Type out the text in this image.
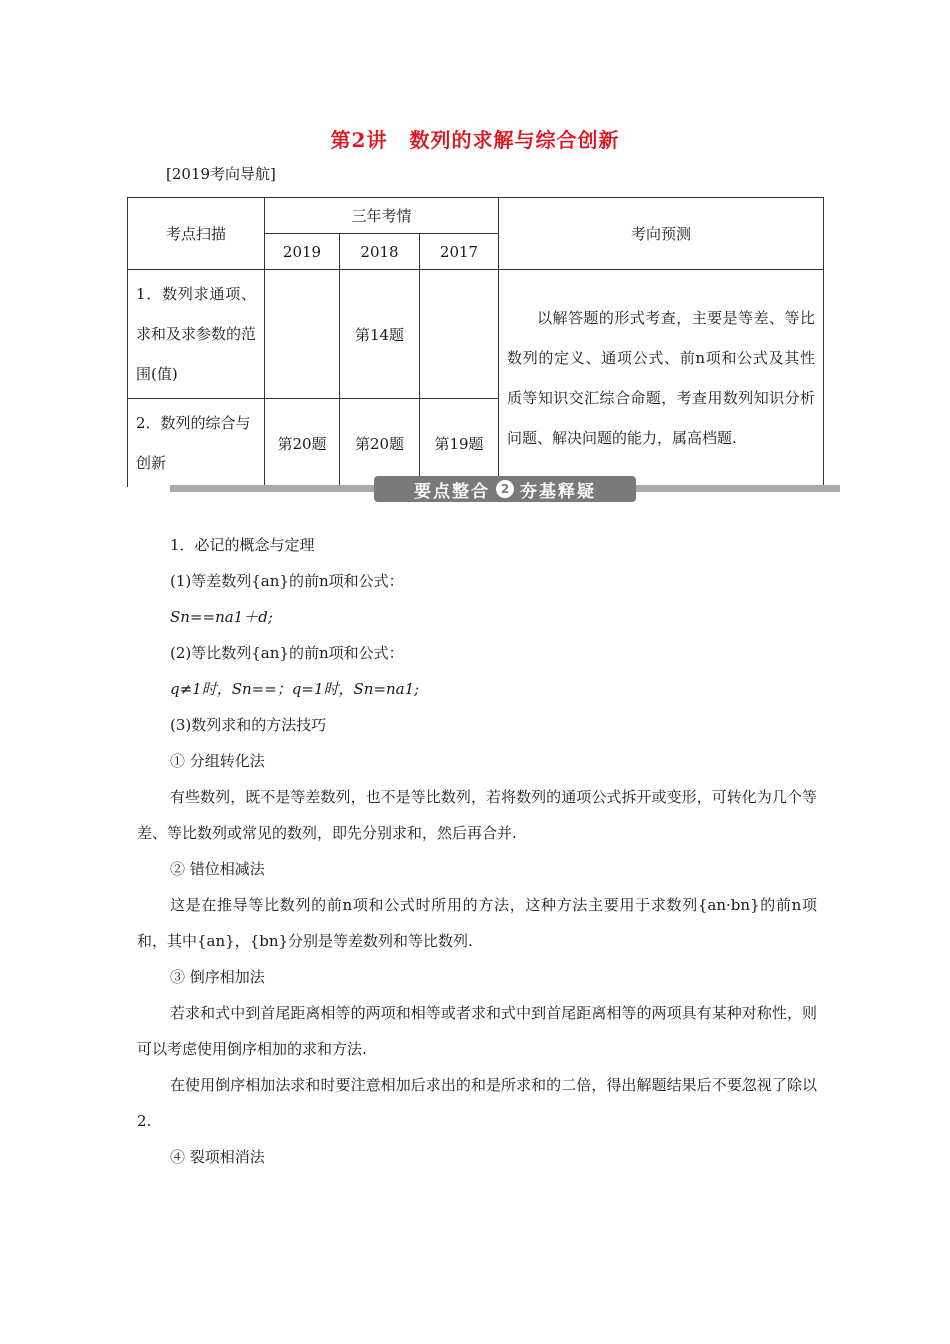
第2讲 数列的求解与综合创新
[2019考向导航]
考点扫描	三年考情			考向预测
	2019	2018	2017	

1．数列求通项、求和及求参数的范围(值)		第14题		以解答题的形式考查，主要是等差、等比数列的定义、通项公式、前n项和公式及其性质等知识交汇综合命题，考查用数列知识分析问题、解决问题的能力，属高档题.

2．数列的综合与创新	第20题	第20题	第19题	
要点整合 2 夯基释疑

1．必记的概念与定理

(1)等差数列{an}的前n项和公式：

Sn==na1＋d;

(2)等比数列{an}的前n项和公式：

q≠1时，Sn==；q=1时，Sn=na1;

(3)数列求和的方法技巧

① 分组转化法

有些数列，既不是等差数列，也不是等比数列，若将数列的通项公式拆开或变形，可转化为几个等差、等比数列或常见的数列，即先分别求和，然后再合并.

② 错位相减法

这是在推导等比数列的前n项和公式时所用的方法，这种方法主要用于求数列{an·bn}的前n项和，其中{an}，{bn}分别是等差数列和等比数列.

③ 倒序相加法

若求和式中到首尾距离相等的两项和相等或者求和式中到首尾距离相等的两项具有某种对称性，则可以考虑使用倒序相加的求和方法.

在使用倒序相加法求和时要注意相加后求出的和是所求和的二倍，得出解题结果后不要忽视了除以2.

④ 裂项相消法
